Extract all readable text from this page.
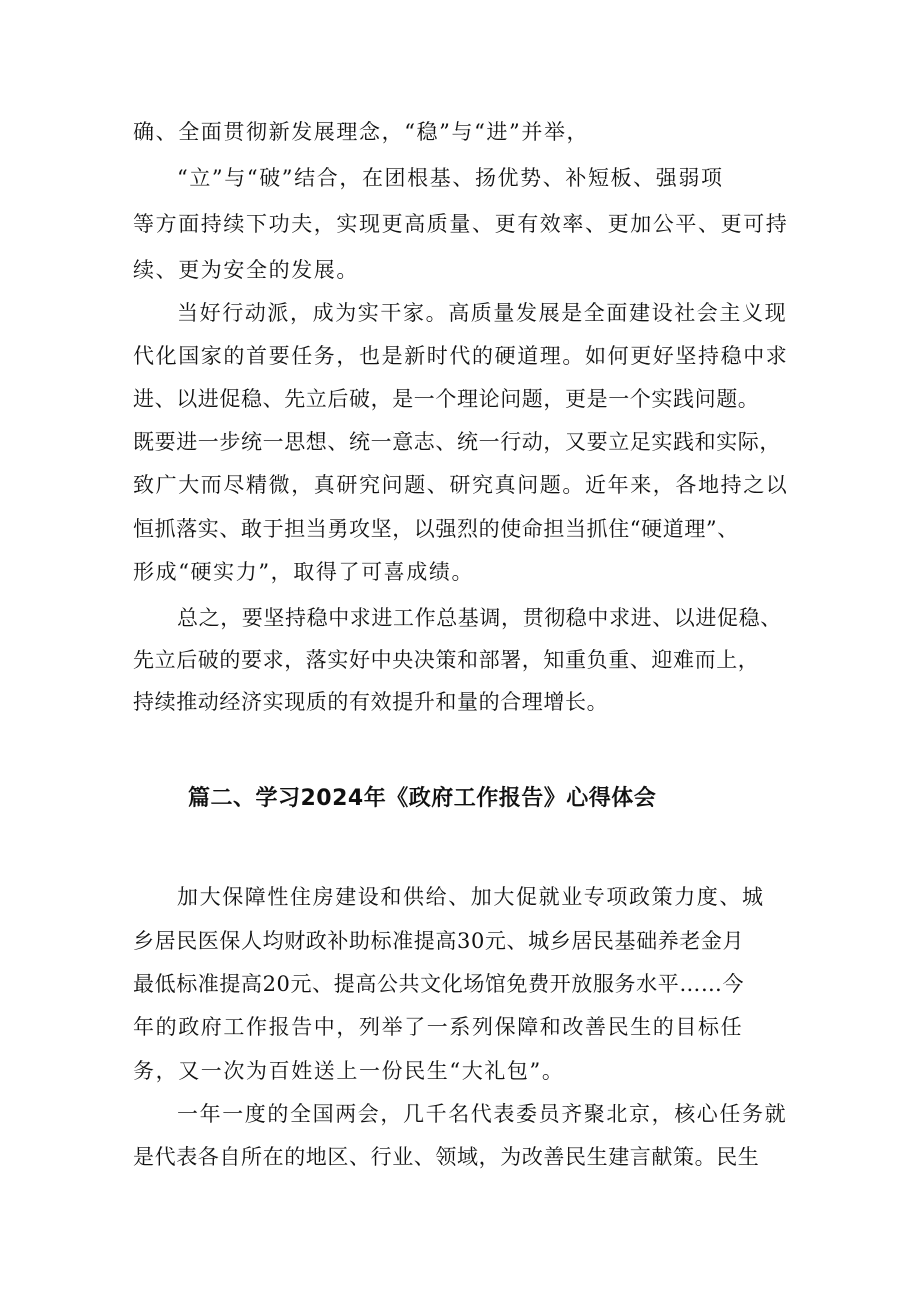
确、全面贯彻新发展理念，“稳”与“进”并举，
“立”与“破”结合，在团根基、扬优势、补短板、强弱项
等方面持续下功夫，实现更高质量、更有效率、更加公平、更可持
续、更为安全的发展。
当好行动派，成为实干家。高质量发展是全面建设社会主义现
代化国家的首要任务，也是新时代的硬道理。如何更好坚持稳中求
进、以进促稳、先立后破，是一个理论问题，更是一个实践问题。
既要进一步统一思想、统一意志、统一行动，又要立足实践和实际，
致广大而尽精微，真研究问题、研究真问题。近年来，各地持之以
恒抓落实、敢于担当勇攻坚，以强烈的使命担当抓住“硬道理”、
形成“硬实力”，取得了可喜成绩。
总之，要坚持稳中求进工作总基调，贯彻稳中求进、以进促稳、
先立后破的要求，落实好中央决策和部署，知重负重、迎难而上，
持续推动经济实现质的有效提升和量的合理增长。
篇二、学习2024年《政府工作报告》心得体会
加大保障性住房建设和供给、加大促就业专项政策力度、城
乡居民医保人均财政补助标准提高30元、城乡居民基础养老金月
最低标准提高20元、提高公共文化场馆免费开放服务水平……今
年的政府工作报告中，列举了一系列保障和改善民生的目标任
务，又一次为百姓送上一份民生“大礼包”。
一年一度的全国两会，几千名代表委员齐聚北京，核心任务就
是代表各自所在的地区、行业、领域，为改善民生建言献策。民生
